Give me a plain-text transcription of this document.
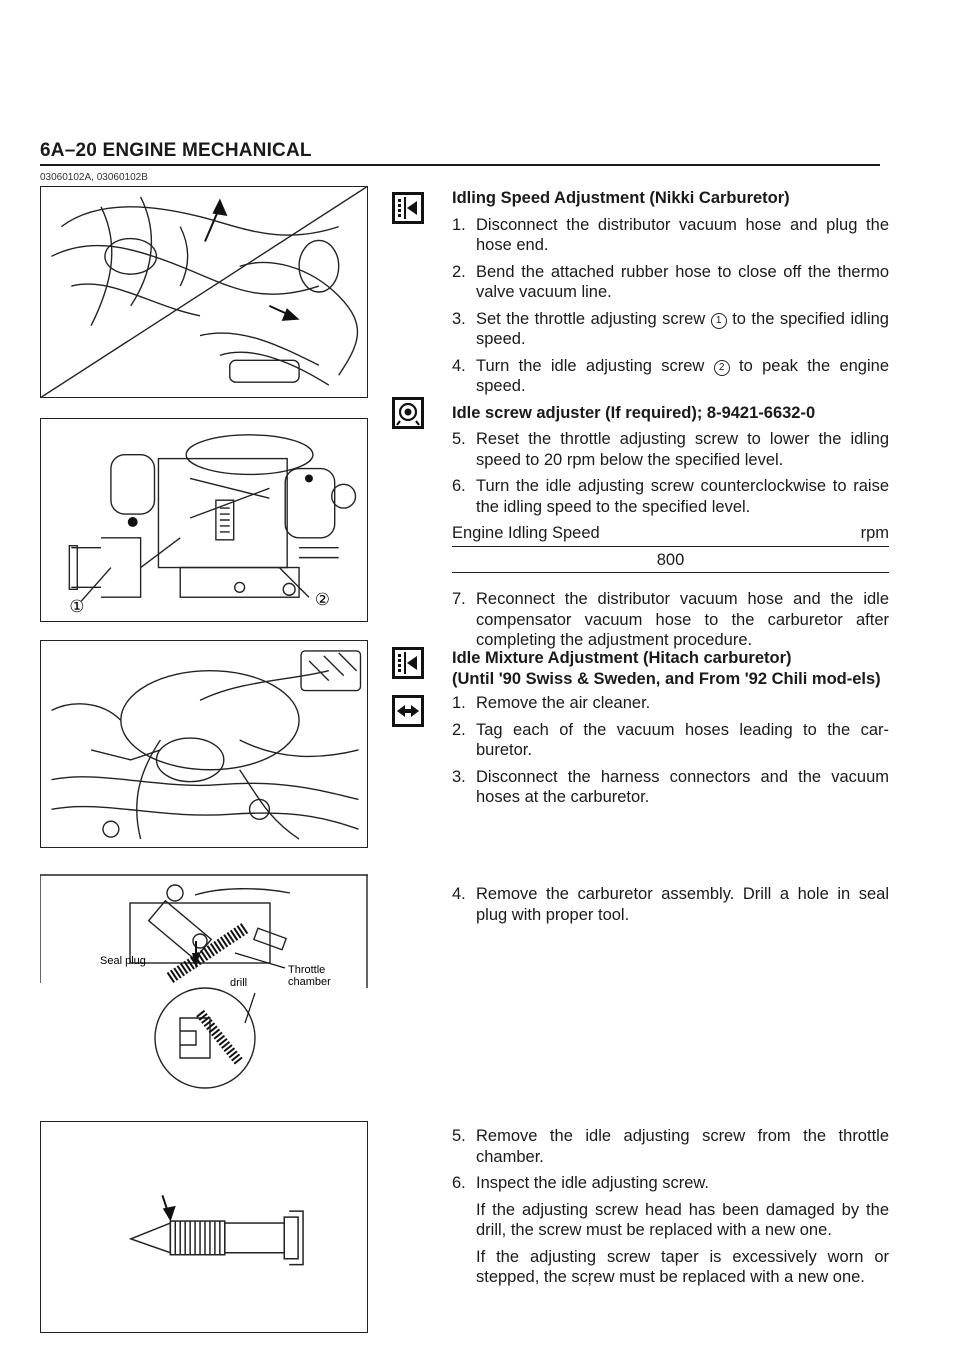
6A–20 ENGINE MECHANICAL
03060102A, 03060102B
①	②
Seal plug
drill
Throttle
chamber
Idling Speed Adjustment (Nikki Carburetor)
1. Disconnect the distributor vacuum hose and plug the hose end.
2. Bend the attached rubber hose to close off the thermo valve vacuum line.
3. Set the throttle adjusting screw 1 to the specified idling speed.
4. Turn the idle adjusting screw 2 to peak the engine speed.
Idle screw adjuster (If required); 8-9421-6632-0
5. Reset the throttle adjusting screw to lower the idling speed to 20 rpm below the specified level.
6. Turn the idle adjusting screw counterclockwise to raise the idling speed to the specified level.
Engine Idling Speed	rpm
800
7. Reconnect the distributor vacuum hose and the idle compensator vacuum hose to the carburetor after completing the adjustment procedure.
Idle Mixture Adjustment (Hitach carburetor)
(Until '90 Swiss & Sweden, and From '92 Chili mod-els)
1. Remove the air cleaner.
2. Tag each of the vacuum hoses leading to the car-buretor.
3. Disconnect the harness connectors and the vacuum hoses at the carburetor.
4. Remove the carburetor assembly. Drill a hole in seal plug with proper tool.
5. Remove the idle adjusting screw from the throttle chamber.
6. Inspect the idle adjusting screw.
If the adjusting screw head has been damaged by the drill, the screw must be replaced with a new one.
If the adjusting screw taper is excessively worn or stepped, the scŗew must be replaced with a new one.
